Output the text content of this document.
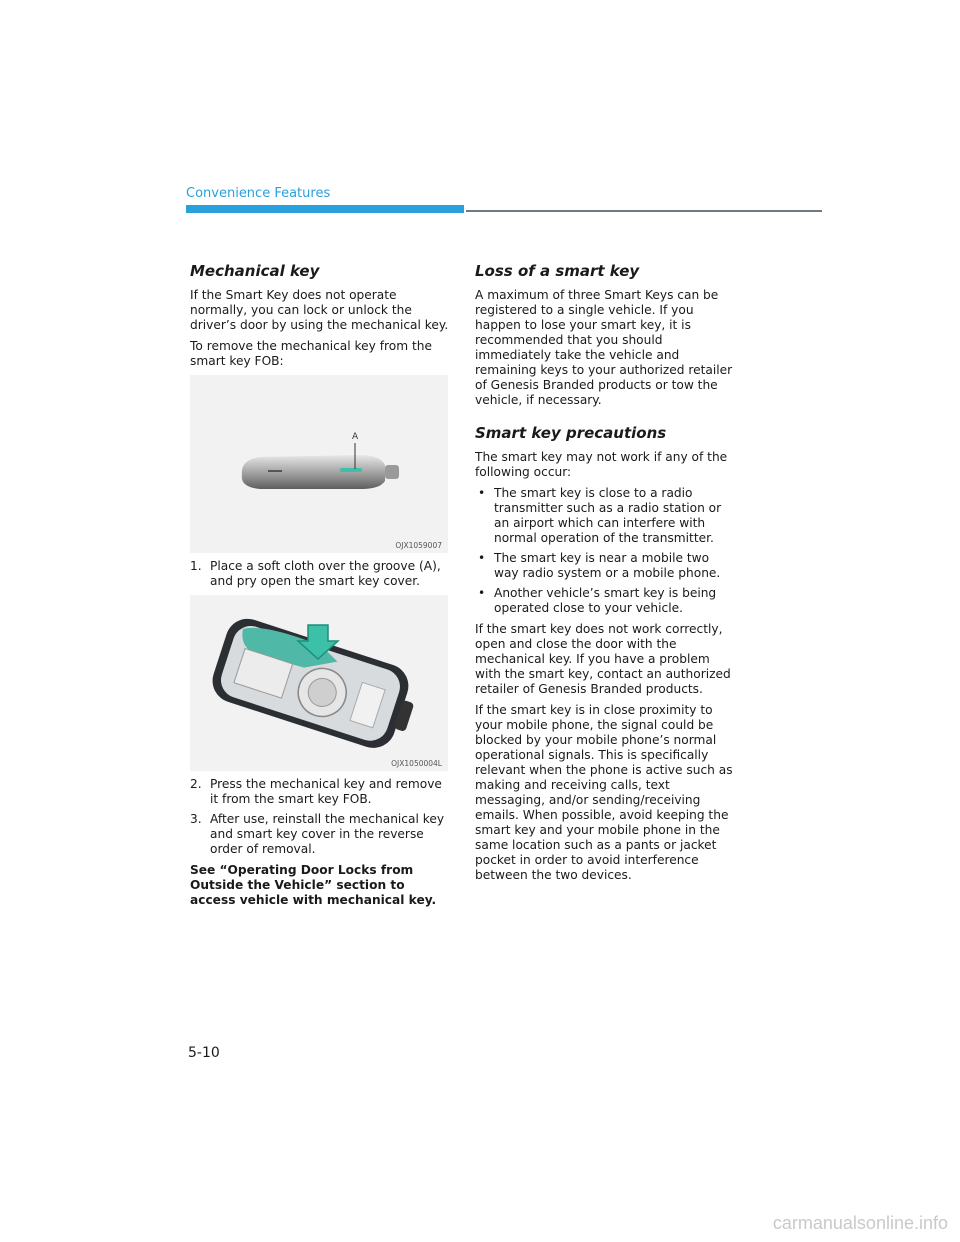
Convenience Features
Mechanical key

If the Smart Key does not operate normally, you can lock or unlock the driver’s door by using the mechanical key.

To remove the mechanical key from the smart key FOB:

A
OJX1059007
1. Place a soft cloth over the groove (A), and pry open the smart key cover.
OJX1050004L
2. Press the mechanical key and remove it from the smart key FOB.
3. After use, reinstall the mechanical key and smart key cover in the reverse order of removal.

See “Operating Door Locks from Outside the Vehicle” section to access vehicle with mechanical key.

Loss of a smart key

A maximum of three Smart Keys can be registered to a single vehicle. If you happen to lose your smart key, it is recommended that you should immediately take the vehicle and remaining keys to your authorized retailer of Genesis Branded products or tow the vehicle, if necessary.

Smart key precautions

The smart key may not work if any of the following occur:

• The smart key is close to a radio transmitter such as a radio station or an airport which can interfere with normal operation of the transmitter.
• The smart key is near a mobile two way radio system or a mobile phone.
• Another vehicle’s smart key is being operated close to your vehicle.

If the smart key does not work correctly, open and close the door with the mechanical key. If you have a problem with the smart key, contact an authorized retailer of Genesis Branded products.

If the smart key is in close proximity to your mobile phone, the signal could be blocked by your mobile phone’s normal operational signals. This is specifically relevant when the phone is active such as making and receiving calls, text messaging, and/or sending/receiving emails. When possible, avoid keeping the smart key and your mobile phone in the same location such as a pants or jacket pocket in order to avoid interference between the two devices.

5-10
carmanualsonline.info
